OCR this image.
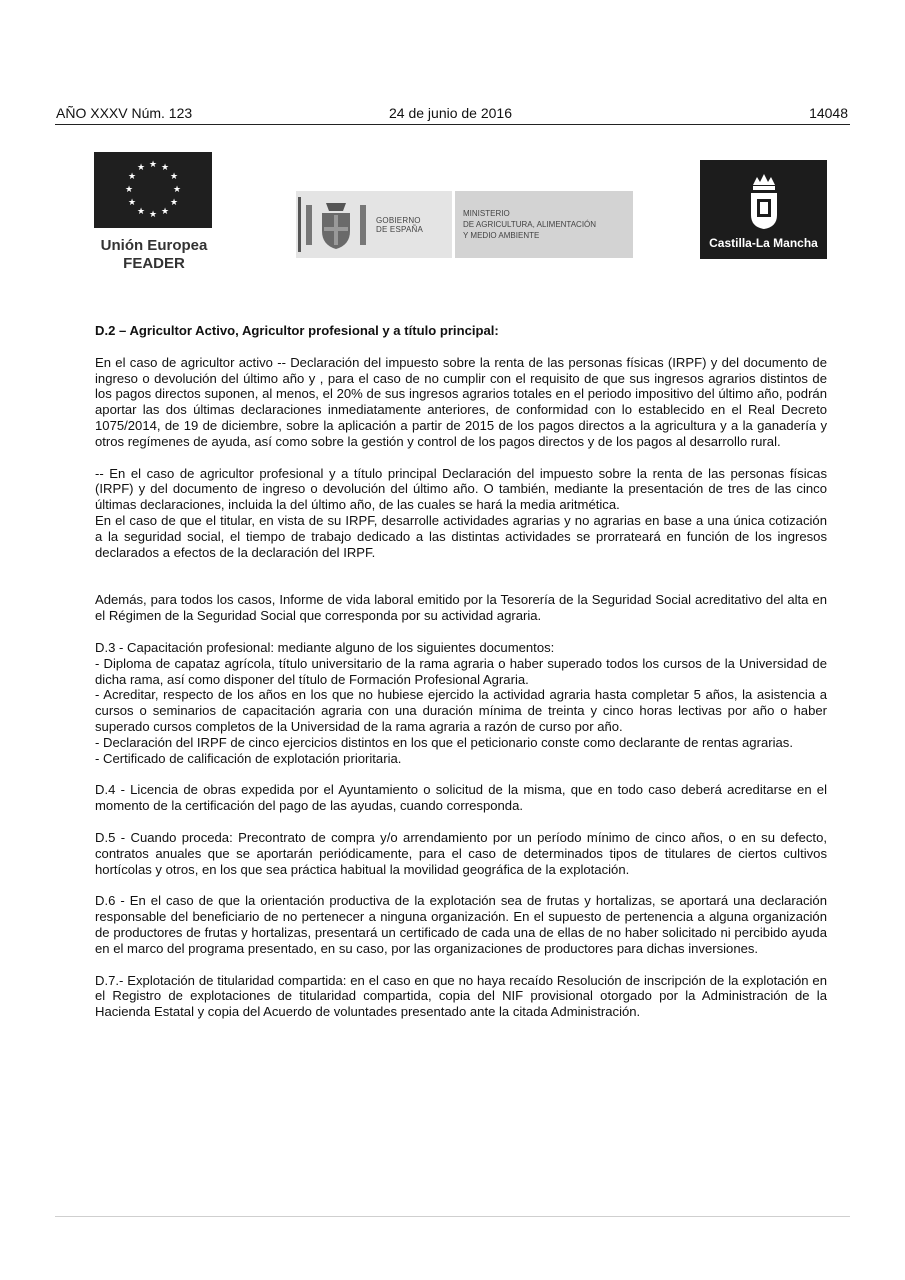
AÑO XXXV Núm. 123	24 de junio de 2016	14048
★ ★
★
★
★
★
★
★
★
★
★
★
Unión Europea
FEADER
GOBIERNO
DE ESPAÑA
MINISTERIO
DE AGRICULTURA, ALIMENTACIÓN
Y MEDIO AMBIENTE
Castilla-La Mancha

D.2 – Agricultor Activo, Agricultor profesional y a título principal:

En el caso de agricultor activo -- Declaración del impuesto sobre la renta de las personas físicas (IRPF) y del documento de ingreso o devolución del último año y , para el caso de no cumplir con el requisito de que sus ingresos agrarios distintos de los pagos directos suponen, al menos, el 20% de sus ingresos agrarios totales en el periodo impositivo del último año, podrán aportar las dos últimas declaraciones inmediatamente anteriores, de conformidad con lo establecido en el Real Decreto 1075/2014, de 19 de diciembre, sobre la aplicación a partir de 2015 de los pagos directos a la agricultura y a la ganadería y otros regímenes de ayuda, así como sobre la gestión y control de los pagos directos y de los pagos al desarrollo rural.

-- En el caso de agricultor profesional y a título principal Declaración del impuesto sobre la renta de las personas físicas (IRPF) y del documento de ingreso o devolución del último año. O también, mediante la presentación de tres de las cinco últimas declaraciones, incluida la del último año, de las cuales se hará la media aritmética.

En el caso de que el titular, en vista de su IRPF, desarrolle actividades agrarias y no agrarias en base a una única cotización a la seguridad social, el tiempo de trabajo dedicado a las distintas actividades se prorrateará en función de los ingresos declarados a efectos de la declaración del IRPF.

Además, para todos los casos, Informe de vida laboral emitido por la Tesorería de la Seguridad Social acreditativo del alta en el Régimen de la Seguridad Social que corresponda por su actividad agraria.

D.3 - Capacitación profesional: mediante alguno de los siguientes documentos:

- Diploma de capataz agrícola, título universitario de la rama agraria o haber superado todos los cursos de la Universidad de dicha rama, así como disponer del título de Formación Profesional Agraria.

- Acreditar, respecto de los años en los que no hubiese ejercido la actividad agraria hasta completar 5 años, la asistencia a cursos o seminarios de capacitación agraria con una duración mínima de treinta y cinco horas lectivas por año o haber superado cursos completos de la Universidad de la rama agraria a razón de curso por año.

- Declaración del IRPF de cinco ejercicios distintos en los que el peticionario conste como declarante de rentas agrarias.

- Certificado de calificación de explotación prioritaria.

D.4 - Licencia de obras expedida por el Ayuntamiento o solicitud de la misma, que en todo caso deberá acreditarse en el momento de la certificación del pago de las ayudas, cuando corresponda.

D.5 - Cuando proceda: Precontrato de compra y/o arrendamiento por un período mínimo de cinco años, o en su defecto, contratos anuales que se aportarán periódicamente, para el caso de determinados tipos de titulares de ciertos cultivos hortícolas y otros, en los que sea práctica habitual la movilidad geográfica de la explotación.

D.6 - En el caso de que la orientación productiva de la explotación sea de frutas y hortalizas, se aportará una declaración responsable del beneficiario de no pertenecer a ninguna organización. En el supuesto de pertenencia a alguna organización de productores de frutas y hortalizas, presentará un certificado de cada una de ellas de no haber solicitado ni percibido ayuda en el marco del programa presentado, en su caso, por las organizaciones de productores para dichas inversiones.

D.7.- Explotación de titularidad compartida: en el caso en que no haya recaído Resolución de inscripción de la explotación en el Registro de explotaciones de titularidad compartida, copia del NIF provisional otorgado por la Administración de la Hacienda Estatal y copia del Acuerdo de voluntades presentado ante la citada Administración.
